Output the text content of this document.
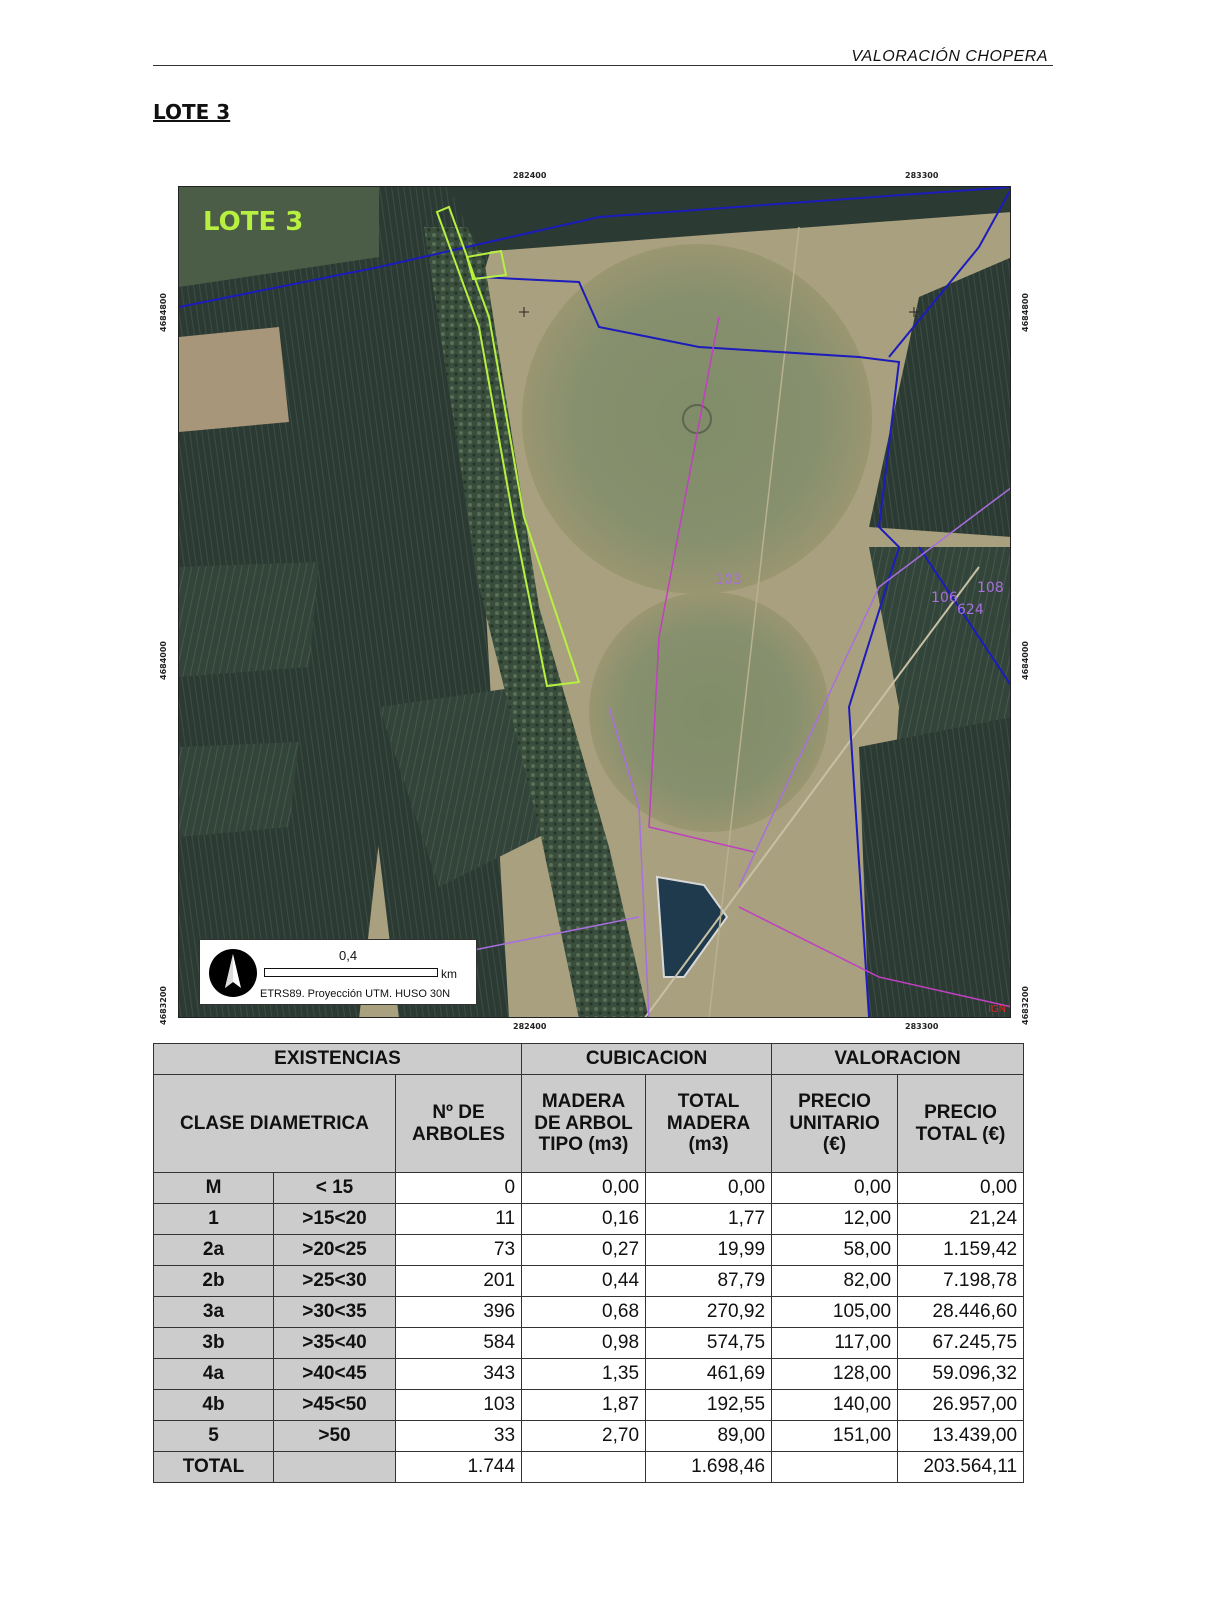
VALORACIÓN CHOPERA
LOTE 3
282400	283300
282400	283300
4684800
4684000
4683200
4684800
4684000
4683200
LOTE 3
103
106
108
624
IGN
0,4
km
ETRS89. Proyección UTM. HUSO 30N
EXISTENCIAS			CUBICACION		VALORACION	
CLASE DIAMETRICA		Nº DE ARBOLES	MADERA DE ARBOL TIPO (m3)	TOTAL MADERA (m3)	PRECIO UNITARIO (€)	PRECIO TOTAL (€)
M	< 15	0	0,00	0,00	0,00	0,00
1	>15<20	11	0,16	1,77	12,00	21,24
2a	>20<25	73	0,27	19,99	58,00	1.159,42
2b	>25<30	201	0,44	87,79	82,00	7.198,78
3a	>30<35	396	0,68	270,92	105,00	28.446,60
3b	>35<40	584	0,98	574,75	117,00	67.245,75
4a	>40<45	343	1,35	461,69	128,00	59.096,32
4b	>45<50	103	1,87	192,55	140,00	26.957,00
5	>50	33	2,70	89,00	151,00	13.439,00
TOTAL		1.744		1.698,46		203.564,11
